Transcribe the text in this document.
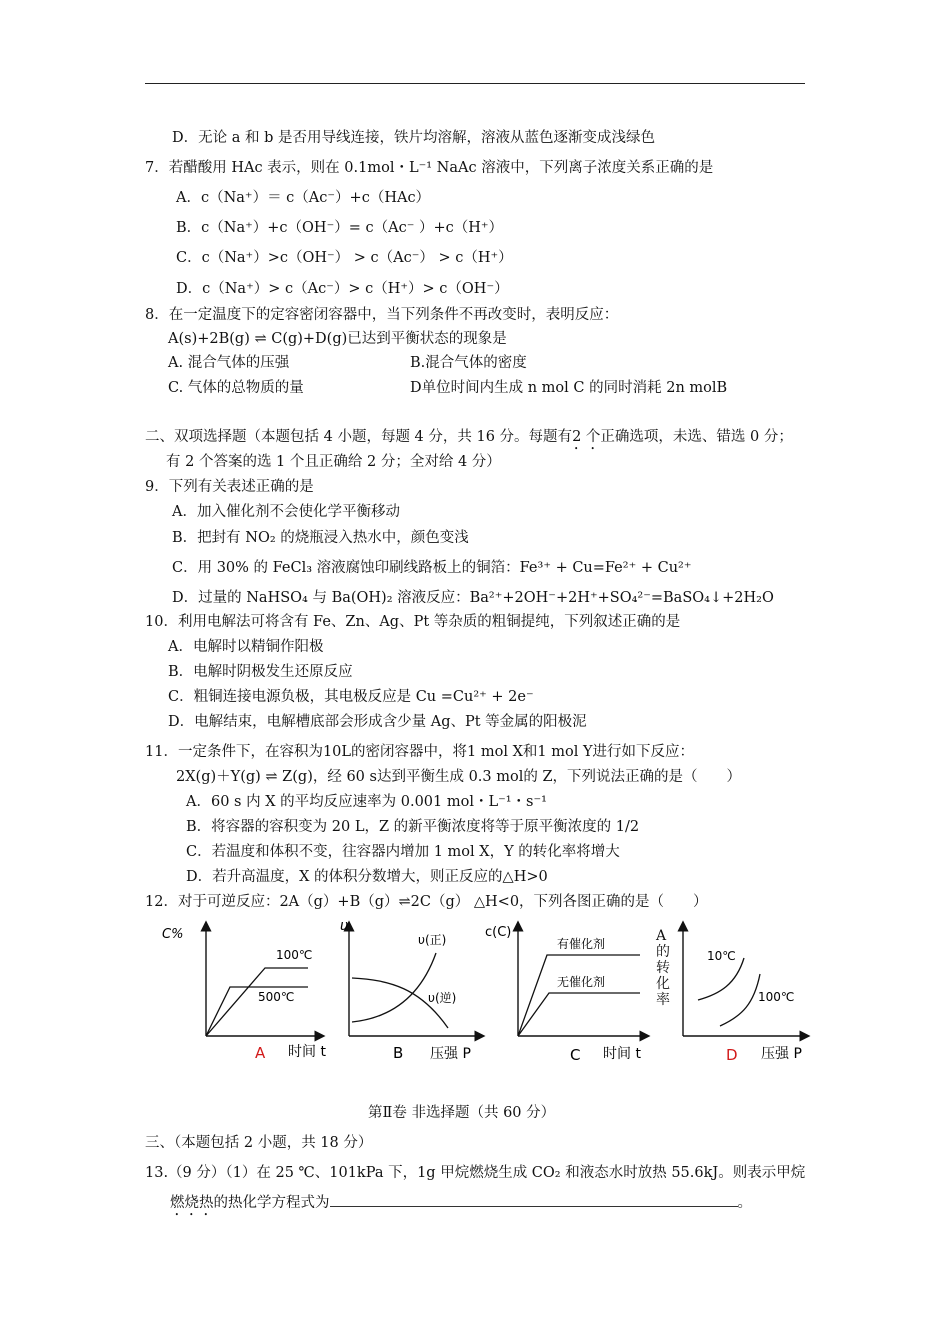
D．无论 a 和 b 是否用导线连接，铁片均溶解，溶液从蓝色逐渐变成浅绿色
7．若醋酸用 HAc 表示，则在 0.1mol・L⁻¹ NaAc 溶液中，下列离子浓度关系正确的是
A．c（Na⁺）＝ c（Ac⁻）+c（HAc）
B．c（Na⁺）+c（OH⁻）= c（Ac⁻ ）+c（H⁺）
C．c（Na⁺）>c（OH⁻） > c（Ac⁻） > c（H⁺）
D．c（Na⁺）> c（Ac⁻）> c（H⁺）> c（OH⁻）
8．在一定温度下的定容密闭容器中，当下列条件不再改变时，表明反应：
A(s)+2B(g) ⇌ C(g)+D(g)已达到平衡状态的现象是
A. 混合气体的压强	B.混合气体的密度
C. 气体的总物质的量	D单位时间内生成 n mol C 的同时消耗 2n molB
二、双项选择题（本题包括 4 小题，每题 4 分，共 16 分。每题有2 个正确选项，未选、错选 0 分；
有 2 个答案的选 1 个且正确给 2 分；全对给 4 分）
9．下列有关表述正确的是
A．加入催化剂不会使化学平衡移动
B．把封有 NO₂ 的烧瓶浸入热水中，颜色变浅
C．用 30% 的 FeCl₃ 溶液腐蚀印刷线路板上的铜箔：Fe³⁺ + Cu=Fe²⁺ + Cu²⁺
D．过量的 NaHSO₄ 与 Ba(OH)₂ 溶液反应：Ba²⁺+2OH⁻+2H⁺+SO₄²⁻=BaSO₄↓+2H₂O
10．利用电解法可将含有 Fe、Zn、Ag、Pt 等杂质的粗铜提纯，下列叙述正确的是
A．电解时以精铜作阳极
B．电解时阴极发生还原反应
C．粗铜连接电源负极，其电极反应是 Cu =Cu²⁺ + 2e⁻
D．电解结束，电解槽底部会形成含少量 Ag、Pt 等金属的阳极泥
11．一定条件下，在容积为10L的密闭容器中，将1 mol X和1 mol Y进行如下反应：
2X(g)＋Y(g) ⇌ Z(g)，经 60 s达到平衡生成 0.3 mol的 Z，下列说法正确的是（　　）
A．60 s 内 X 的平均反应速率为 0.001 mol・L⁻¹・s⁻¹
B．将容器的容积变为 20 L，Z 的新平衡浓度将等于原平衡浓度的 1/2
C．若温度和体积不变，往容器内增加 1 mol X，Y 的转化率将增大
D．若升高温度，X 的体积分数增大，则正反应的△H>0
12．对于可逆反应：2A（g）+B（g）⇌2C（g） △H<0，下列各图正确的是（　　）
C%
100℃
500℃
时间 t
A
υ
υ(正)
υ(逆)
压强 P
B
c(C)
有催化剂
无催化剂
时间 t
C
10℃
100℃
压强 P
D
A的转化率
第Ⅱ卷 非选择题（共 60 分）
三、（本题包括 2 小题，共 18 分）
13.（9 分）（1）在 25 ℃、101kPa 下，1g 甲烷燃烧生成 CO₂ 和液态水时放热 55.6kJ。则表示甲烷
燃烧热的热化学方程式为	。
